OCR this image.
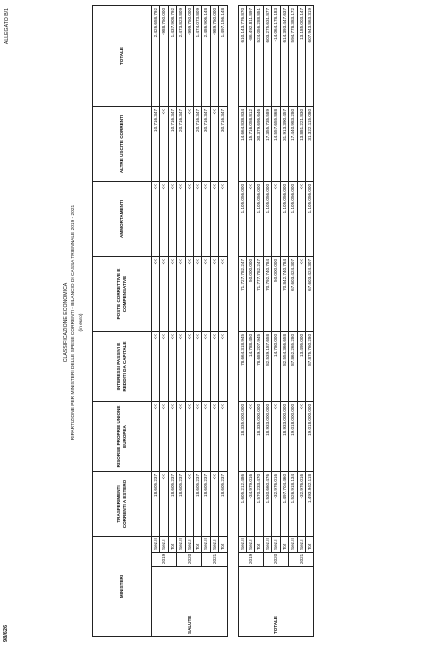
98/626
ALLEGATO B/1
CLASSIFICAZIONE ECONOMICA RIPARTIZIONE PER MINISTERI DELLE SPESE CORRENTI - BILANCIO DI CASSA TRIENNALE 2019 - 2021 (in euro)
MINISTERI			TRASFERIMENTI CORRENTI A ESTERO	RISORSE PROPRIE UNIONE EUROPEA	INTERESSI PASSIVI E REDDITI DA CAPITALE	POSTE CORRETTIVE E COMPENSATIVE	AMMORTAMENTI	ALTRE USCITE CORRENTI	TOTALE
SALUTE	2019	Sez.II	18.605.237	<<	<<	<<	<<	10.716.347	2.426.658.792
		Sez.I	<<	<<	<<	<<	<<	<<	-988.750.000
		Tot	18.605.237	<<	<<	<<	<<	10.716.347	1.437.908.792
	2020	Sez.II	18.605.237	<<	<<	<<	<<	20.716.347	2.473.823.809
		Sez.I	<<	<<	<<	<<	<<	<<	-999.750.000
		Tot	18.605.237	<<	<<	<<	<<	20.716.347	1.474.073.809
	2021	Sez.II	18.605.237	<<	<<	<<	<<	30.716.347	2.486.906.148
		Sez.I	<<	<<	<<	<<	<<	<<	-989.750.000
		Tot	18.605.237	<<	<<	<<	<<	30.716.347	1.497.156.148

TOTALE	2019	Sez.II	1.605.212.486	18.335.000.000	78.664.318.945	71.727.782.247	1.105.056.000	14.664.838.834	610.143.776.870
		Sez.I	-34.979.016	<<	14.788.450	50.000.000	<<	15.716.058.812	-86.492.811.897
		Tot	1.570.233.470	18.335.000.000	78.689.207.945	71.777.782.247	1.105.056.000	30.379.695.646	524.056.288.851
	2020	Sez.II	1.530.660.476	18.933.000.000	82.539.187.658	70.792.740.784	1.105.056.000	17.355.735.589	603.275.631.877
		Sez.I	-32.976.016	<<	14.780.000	50.000.000	<<	14.557.655.868	-14.064.178.183
		Tot	1.497.704.460	18.933.000.000	82.554.366.658	70.842.740.784	1.105.056.000	31.913.390.457	614.393.447.637
	2021	Sez.II	1.526.918.134	19.018.000.000	87.862.265.280	67.603.424.307	1.105.056.000	17.440.983.280	594.778.383.172
		Sez.I	-32.976.016	<<	13.495.000	<<	<<	13.881.221.830	13.185.003.147
		Tot	1.493.942.118	19.018.000.000	87.875.760.280	67.603.424.307	1.105.056.000	31.322.115.080	607.943.863.319
